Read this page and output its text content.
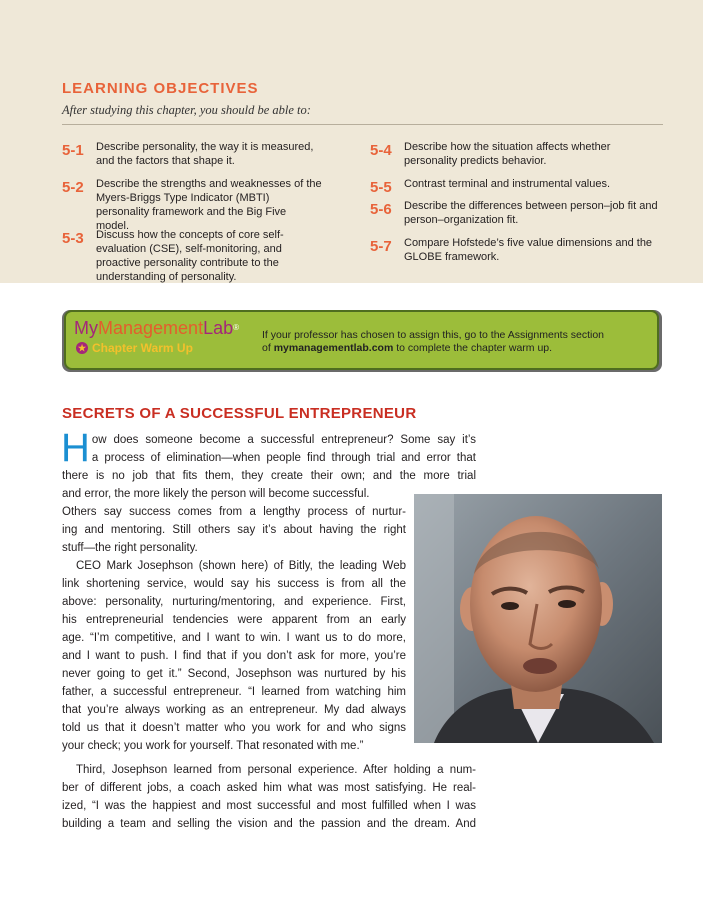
LEARNING OBJECTIVES
After studying this chapter, you should be able to:
5-1	Describe personality, the way it is measured, and the factors that shape it.
5-2	Describe the strengths and weaknesses of the Myers-Briggs Type Indicator (MBTI) personality framework and the Big Five model.
5-3	Discuss how the concepts of core self-evaluation (CSE), self-monitoring, and proactive personality contribute to the understanding of personality.
5-4	Describe how the situation affects whether personality predicts behavior.
5-5	Contrast terminal and instrumental values.
5-6	Describe the differences between person–job fit and person–organization fit.
5-7	Compare Hofstede’s five value dimensions and the GLOBE framework.
MyManagementLab®
★ Chapter Warm Up
If your professor has chosen to assign this, go to the Assignments section
of mymanagementlab.com to complete the chapter warm up.
SECRETS OF A SUCCESSFUL ENTREPRENEUR
H ow does someone become a successful entrepreneur? Some say it’s
a process of elimination—when people find through trial and error that
there is no job that fits them, they create their own; and the more trial
and error, the more likely the person will become successful.
Others say success comes from a lengthy process of nurtur-
ing and mentoring. Still others say it’s about having the right
stuff—the right personality.
CEO Mark Josephson (shown here) of Bitly, the leading Web
link shortening service, would say his success is from all the
above: personality, nurturing/mentoring, and experience. First,
his entrepreneurial tendencies were apparent from an early
age. “I’m competitive, and I want to win. I want us to do more,
and I want to push. I find that if you don’t ask for more, you’re
never going to get it.” Second, Josephson was nurtured by his
father, a successful entrepreneur. “I learned from watching him
that you’re always working as an entrepreneur. My dad always
told us that it doesn’t matter who you work for and who signs
your check; you work for yourself. That resonated with me.”
Third, Josephson learned from personal experience. After holding a num-
ber of different jobs, a coach asked him what was most satisfying. He real-
ized, “I was the happiest and most successful and most fulfilled when I was
building a team and selling the vision and the passion and the dream. And
